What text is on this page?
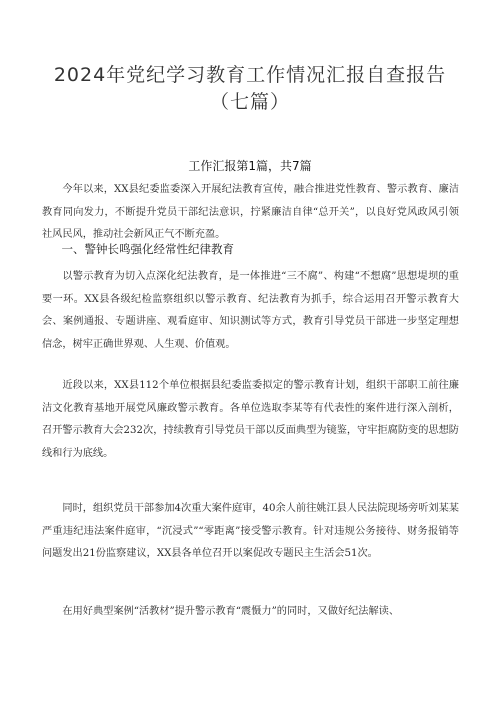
2024年党纪学习教育工作情况汇报自查报告（七篇）

工作汇报第1篇，共7篇

今年以来，XX县纪委监委深入开展纪法教育宣传，融合推进党性教育、警示教育、廉洁教育同向发力，不断提升党员干部纪法意识，拧紧廉洁自律“总开关”，以良好党风政风引领社风民风，推动社会新风正气不断充盈。

一、警钟长鸣强化经常性纪律教育

以警示教育为切入点深化纪法教育，是一体推进“三不腐”、构建“不想腐”思想堤坝的重要一环。XX县各级纪检监察组织以警示教育、纪法教育为抓手，综合运用召开警示教育大会、案例通报、专题讲座、观看庭审、知识测试等方式，教育引导党员干部进一步坚定理想信念，树牢正确世界观、人生观、价值观。

近段以来，XX县112个单位根据县纪委监委拟定的警示教育计划，组织干部职工前往廉洁文化教育基地开展党风廉政警示教育。各单位选取李某等有代表性的案件进行深入剖析，召开警示教育大会232次，持续教育引导党员干部以反面典型为镜鉴，守牢拒腐防变的思想防线和行为底线。

同时，组织党员干部参加4次重大案件庭审，40余人前往姚江县人民法院现场旁听刘某某严重违纪违法案件庭审，“沉浸式”“零距离”接受警示教育。针对违规公务接待、财务报销等问题发出21份监察建议，XX县各单位召开以案促改专题民主生活会51次。

在用好典型案例“活教材”提升警示教育“震慑力”的同时，又做好纪法解读、
